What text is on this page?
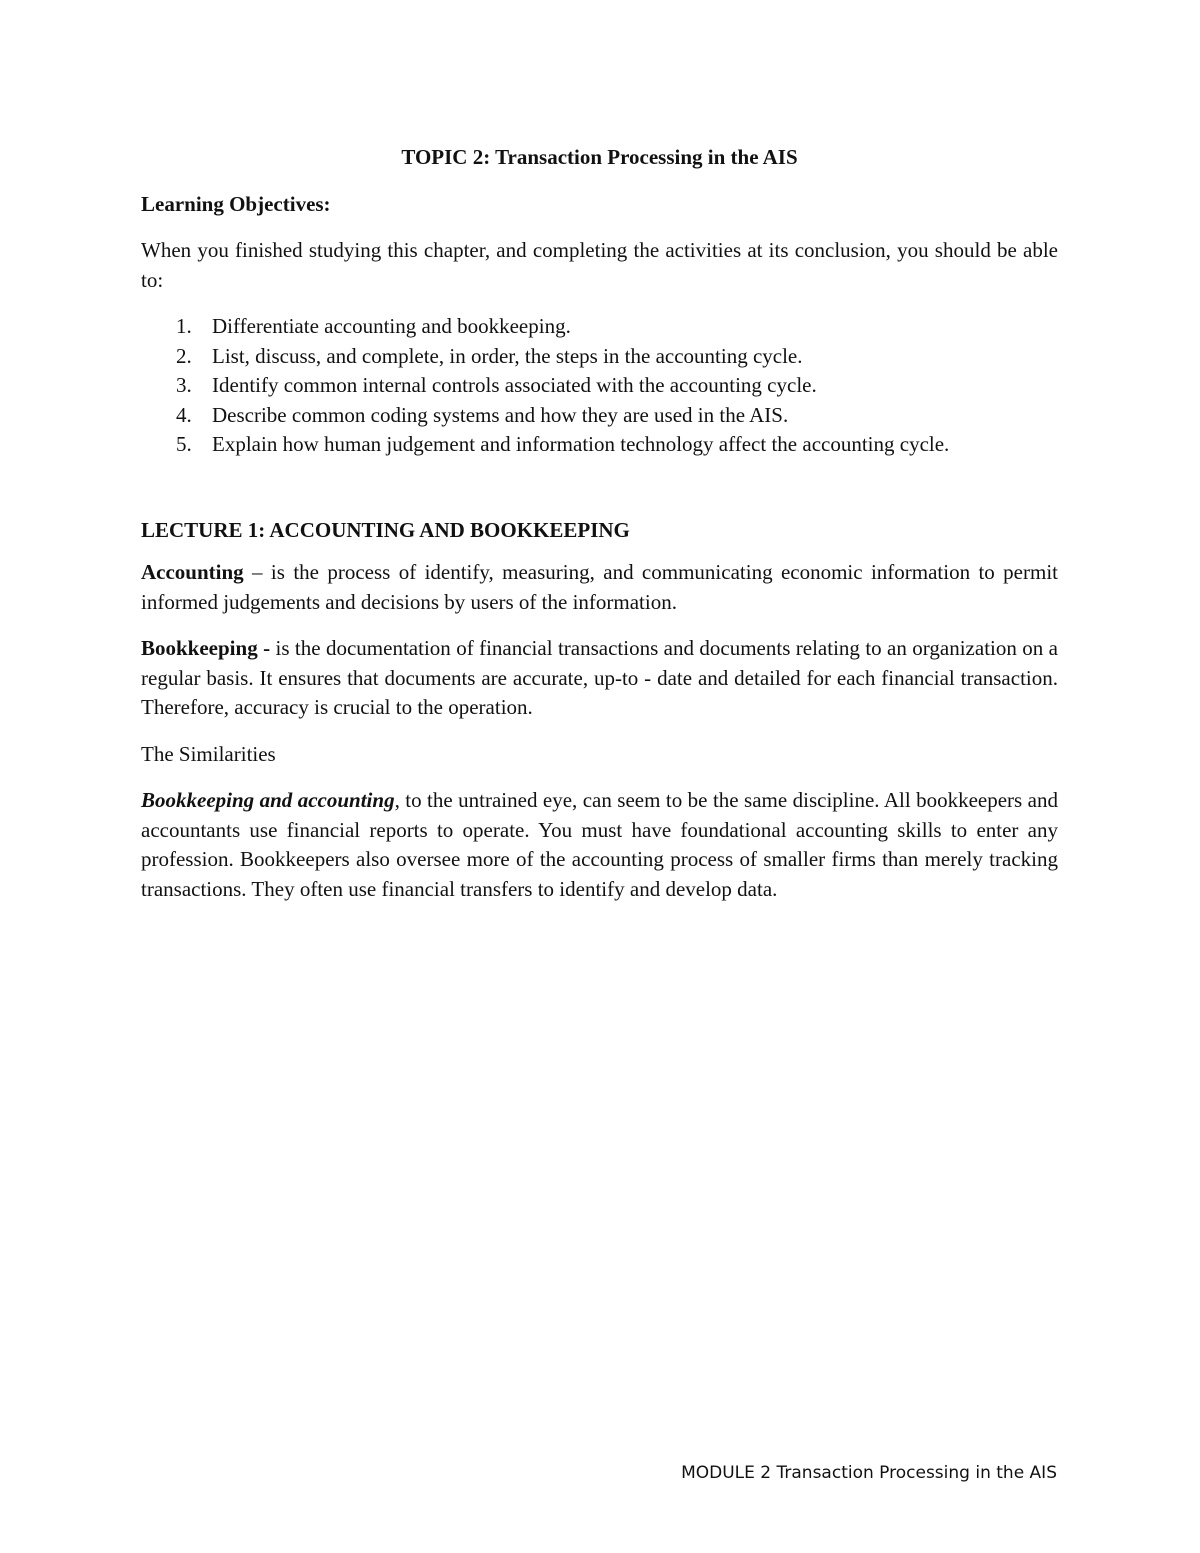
TOPIC 2: Transaction Processing in the AIS
Learning Objectives:

When you finished studying this chapter, and completing the activities at its conclusion, you should be able to:

1. Differentiate accounting and bookkeeping.
2. List, discuss, and complete, in order, the steps in the accounting cycle.
3. Identify common internal controls associated with the accounting cycle.
4. Describe common coding systems and how they are used in the AIS.
5. Explain how human judgement and information technology affect the accounting cycle.
LECTURE 1: ACCOUNTING AND BOOKKEEPING

Accounting – is the process of identify, measuring, and communicating economic information to permit informed judgements and decisions by users of the information.

Bookkeeping - is the documentation of financial transactions and documents relating to an organization on a regular basis. It ensures that documents are accurate, up-to - date and detailed for each financial transaction. Therefore, accuracy is crucial to the operation.

The Similarities

Bookkeeping and accounting, to the untrained eye, can seem to be the same discipline. All bookkeepers and accountants use financial reports to operate. You must have foundational accounting skills to enter any profession. Bookkeepers also oversee more of the accounting process of smaller firms than merely tracking transactions. They often use financial transfers to identify and develop data.

MODULE 2 Transaction Processing in the AIS
